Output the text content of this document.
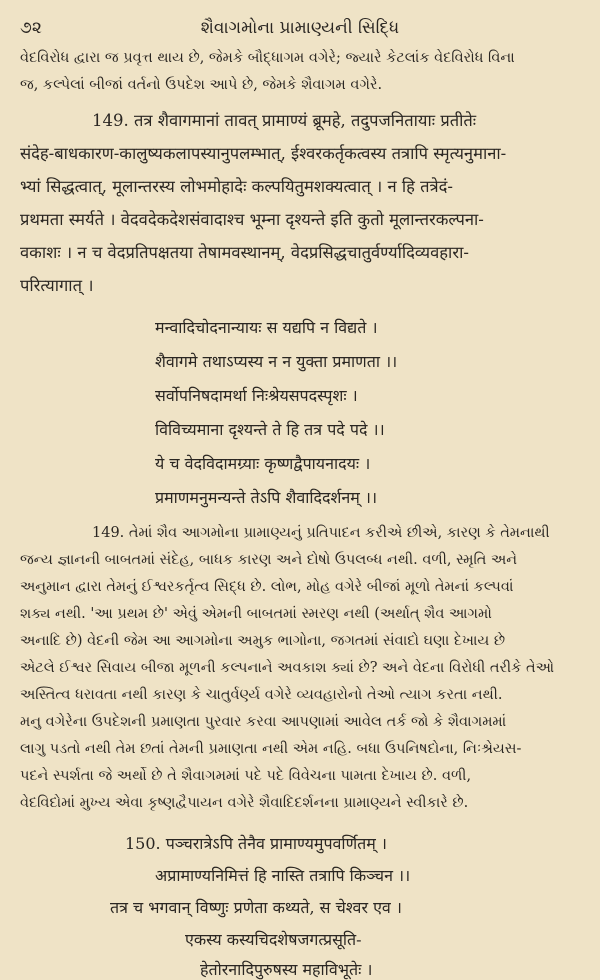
૭૨	શૈવાગમોના પ્રામાણ્યની સિદ્ધિ
વેદવિરોધ દ્વારા જ પ્રવૃત્ત થાય છે, જેમકે બૌદ્ધાગમ વગેરે; જ્યારે કેટલાંક વેદવિરોધ વિના
જ, કલ્પેલાં બીજાં વર્તનો ઉપદેશ આપે છે, જેમકે શૈવાગમ વગેરે.
149. तत्र शैवागमानां तावत् प्रामाण्यं ब्रूमहे, तदुपजनितायाः प्रतीतेः
संदेह-बाधकारण-कालुष्यकलापस्यानुपलम्भात्, ईश्वरकर्तृकत्वस्य तत्रापि स्मृत्यनुमाना-
भ्यां सिद्धत्वात्, मूलान्तरस्य लोभमोहादेः कल्पयितुमशक्यत्वात् । न हि तत्रेदं-
प्रथमता स्मर्यते । वेदवदेकदेशसंवादाश्च भूम्ना दृश्यन्ते इति कुतो मूलान्तरकल्पना-
वकाशः । न च वेदप्रतिपक्षतया तेषामवस्थानम्, वेदप्रसिद्धचातुर्वर्ण्यादिव्यवहारा-
परित्यागात् ।
मन्वादिचोदनान्यायः स यद्यपि न विद्यते ।
शैवागमे तथाऽप्यस्य न न युक्ता प्रमाणता ।।
सर्वोपनिषदामर्था निःश्रेयसपदस्पृशः ।
विविच्यमाना दृश्यन्ते ते हि तत्र पदे पदे ।।
ये च वेदविदामग्र्याः कृष्णद्वैपायनादयः ।
प्रमाणमनुमन्यन्ते तेऽपि शैवादिदर्शनम् ।।
149. તેમાં શૈવ આગમોના પ્રામાણ્યનું પ્રતિપાદન કરીએ છીએ, કારણ કે તેમનાથી
જન્ય જ્ઞાનની બાબતમાં સંદેહ, બાધક કારણ અને દોષો ઉપલબ્ધ નથી. વળી, સ્મૃતિ અને
અનુમાન દ્વારા તેમનું ઈશ્વરકર્તૃત્વ સિદ્ધ છે. લોભ, મોહ વગેરે બીજાં મૂળો તેમનાં કલ્પવાં
શક્ય નથી. 'આ પ્રથમ છે' એવું એમની બાબતમાં સ્મરણ નથી (અર્થાત્ શૈવ આગમો
અનાદિ છે) વેદની જેમ આ આગમોના અમુક ભાગોના, જગતમાં સંવાદો ઘણા દેખાય છે
એટલે ઈશ્વર સિવાય બીજા મૂળની કલ્પનાને અવકાશ ક્યાં છે? અને વેદના વિરોધી તરીકે તેઓ
અસ્તિત્વ ધરાવતા નથી કારણ કે ચાતુર્વર્ણ્ય વગેરે વ્યવહારોનો તેઓ ત્યાગ કરતા નથી.
મનુ વગેરેના ઉપદેશની પ્રમાણતા પુરવાર કરવા આપણામાં આવેલ તર્ક જો કે શૈવાગમમાં
લાગુ પડતો નથી તેમ છતાં તેમની પ્રમાણતા નથી એમ નહિ. બધા ઉપનિષદોના, નિઃશ્રેયસ-
પદને સ્પર્શતા જે અર્થો છે તે શૈવાગમમાં પદે પદે વિવેચના પામતા દેખાય છે. વળી,
વેદવિદોમાં મુખ્ય એવા કૃષ્ણદ્વૈપાયન વગેરે શૈવાદિદર્શનના પ્રામાણ્યને સ્વીકારે છે.
150. पञ्चरात्रेऽपि तेनैव प्रामाण्यमुपवर्णितम् ।
अप्रामाण्यनिमित्तं हि नास्ति तत्रापि किञ्चन ।।
तत्र च भगवान् विष्णुः प्रणेता कथ्यते, स चेश्वर एव ।
एकस्य कस्यचिदशेषजगत्प्रसूति-
हेतोरनादिपुरुषस्य महाविभूतेः ।
